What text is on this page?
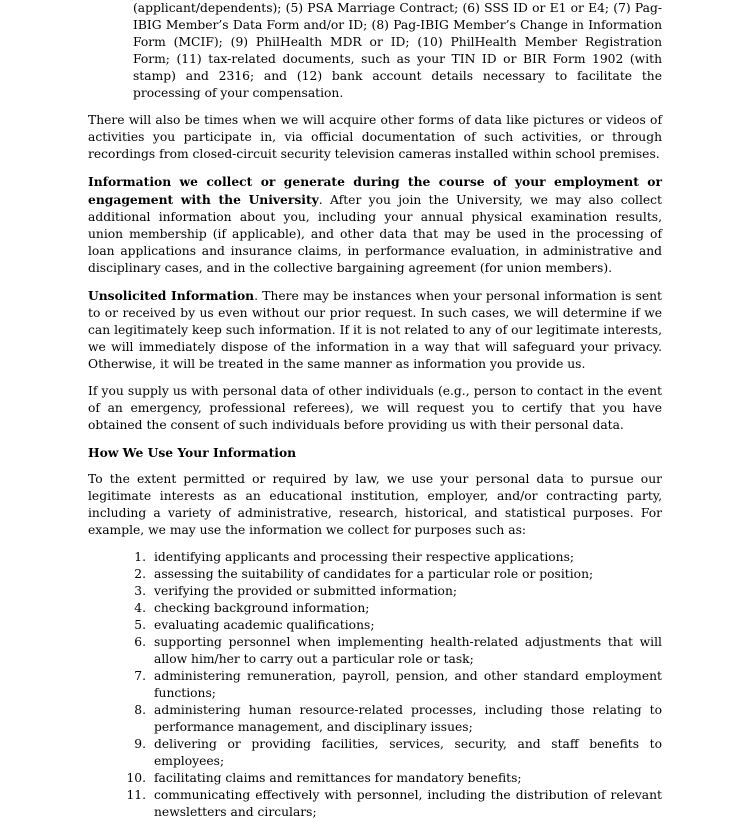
(applicant/dependents); (5) PSA Marriage Contract; (6) SSS ID or E1 or E4; (7) Pag-IBIG Member’s Data Form and/or ID; (8) Pag-IBIG Member’s Change in Information Form (MCIF); (9) PhilHealth MDR or ID; (10) PhilHealth Member Registration Form; (11) tax-related documents, such as your TIN ID or BIR Form 1902 (with stamp) and 2316; and (12) bank account details necessary to facilitate the processing of your compensation.

There will also be times when we will acquire other forms of data like pictures or videos of activities you participate in, via official documentation of such activities, or through recordings from closed-circuit security television cameras installed within school premises.

Information we collect or generate during the course of your employment or engagement with the University. After you join the University, we may also collect additional information about you, including your annual physical examination results, union membership (if applicable), and other data that may be used in the processing of loan applications and insurance claims, in performance evaluation, in administrative and disciplinary cases, and in the collective bargaining agreement (for union members).

Unsolicited Information. There may be instances when your personal information is sent to or received by us even without our prior request. In such cases, we will determine if we can legitimately keep such information. If it is not related to any of our legitimate interests, we will immediately dispose of the information in a way that will safeguard your privacy. Otherwise, it will be treated in the same manner as information you provide us.

If you supply us with personal data of other individuals (e.g., person to contact in the event of an emergency, professional referees), we will request you to certify that you have obtained the consent of such individuals before providing us with their personal data.

How We Use Your Information

To the extent permitted or required by law, we use your personal data to pursue our legitimate interests as an educational institution, employer, and/or contracting party, including a variety of administrative, research, historical, and statistical purposes. For example, we may use the information we collect for purposes such as:

1. identifying applicants and processing their respective applications;
2. assessing the suitability of candidates for a particular role or position;
3. verifying the provided or submitted information;
4. checking background information;
5. evaluating academic qualifications;
6. supporting personnel when implementing health-related adjustments that will allow him/her to carry out a particular role or task;
7. administering remuneration, payroll, pension, and other standard employment functions;
8. administering human resource-related processes, including those relating to performance management, and disciplinary issues;
9. delivering or providing facilities, services, security, and staff benefits to employees;
10. facilitating claims and remittances for mandatory benefits;
11. communicating effectively with personnel, including the distribution of relevant newsletters and circulars;
